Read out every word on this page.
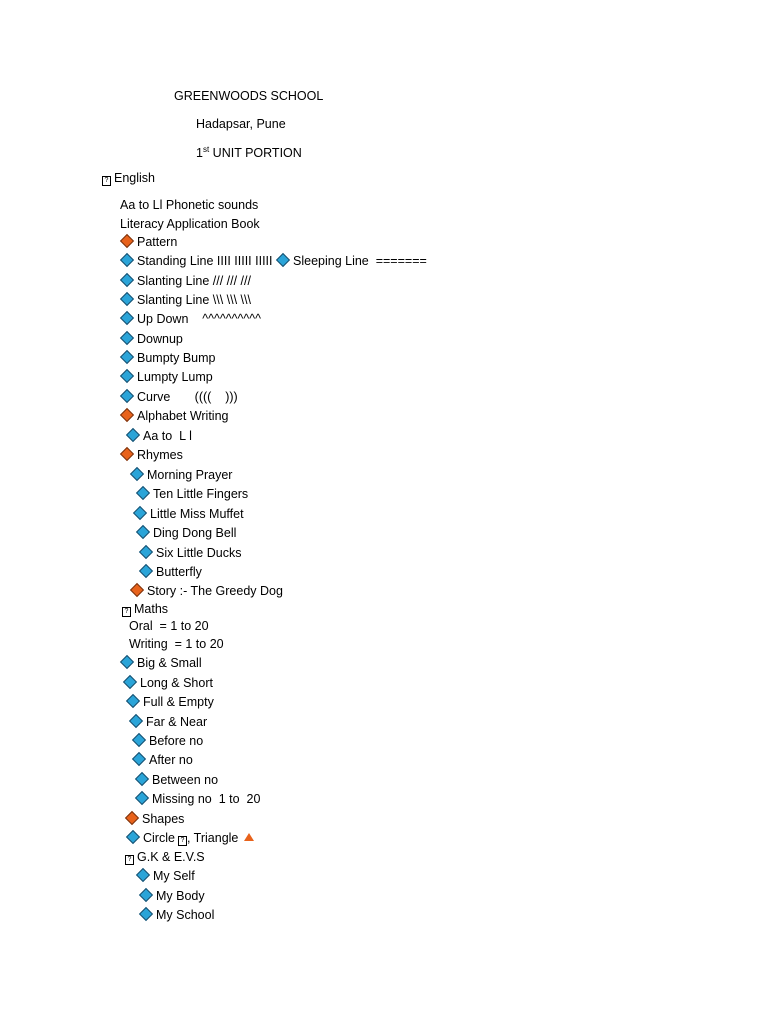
GREENWOODS SCHOOL
Hadapsar, Pune
1st UNIT PORTION
? English
Aa to Ll Phonetic sounds
Literacy Application Book
Pattern
Standing Line IIII IIIII IIIII	Sleeping Line  =======
Slanting Line /// /// ///
Slanting Line \\\ \\\ \\\
Up Down    ^^^^^^^^^^
Downup
Bumpty Bump
Lumpty Lump
Curve       ((((    )))
Alphabet Writing
Aa to  L l
Rhymes
Morning Prayer
Ten Little Fingers
Little Miss Muffet
Ding Dong Bell
Six Little Ducks
Butterfly
Story :- The Greedy Dog
? Maths
Oral  = 1 to 20
Writing  = 1 to 20
Big & Small
Long & Short
Full & Empty
Far & Near
Before no
After no
Between no
Missing no  1 to  20
Shapes
Circle ? , Triangle
? G.K & E.V.S
My Self
My Body
My School
